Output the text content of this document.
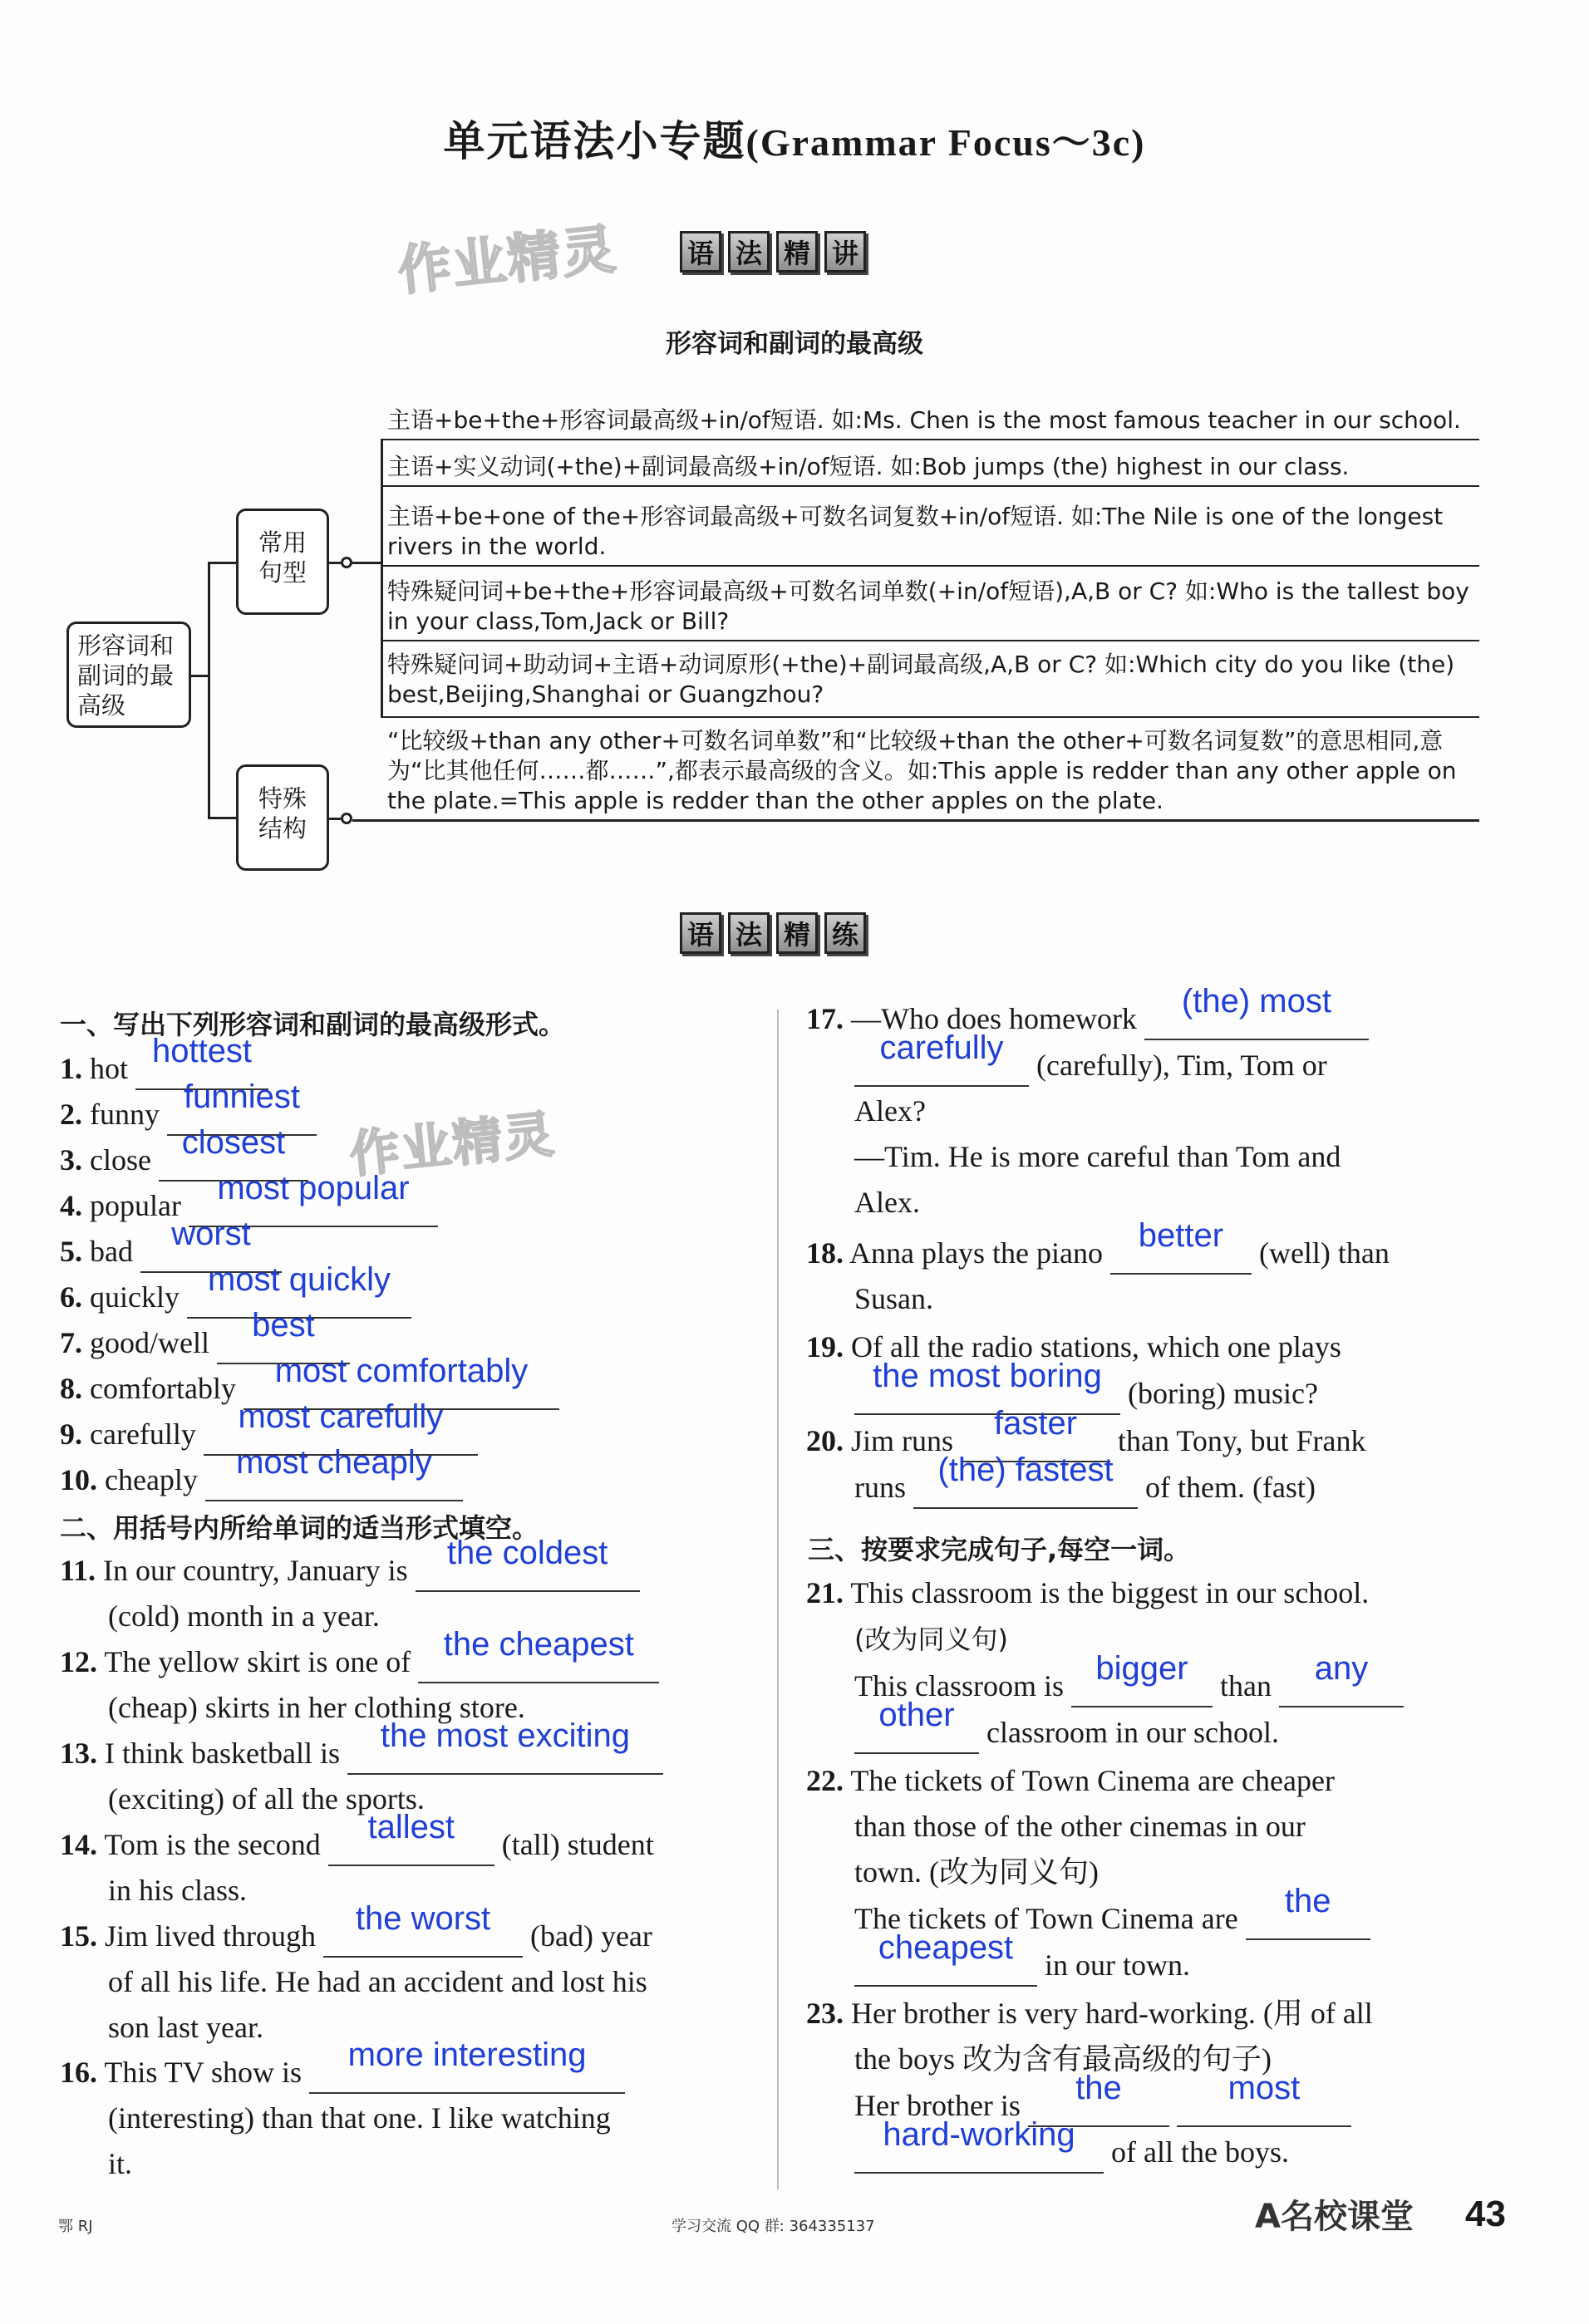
单元语法小专题(Grammar Focus～3c)
作业精灵	语 法 精 讲
形容词和副词的最高级
形容词和副词的最高级
常用句型
特殊结构
主语+be+the+形容词最高级+in/of短语. 如:Ms. Chen is the most famous teacher in our school.
主语+实义动词(+the)+副词最高级+in/of短语. 如:Bob jumps (the) highest in our class.
主语+be+one of the+形容词最高级+可数名词复数+in/of短语. 如:The Nile is one of the longest rivers in the world.
特殊疑问词+be+the+形容词最高级+可数名词单数(+in/of短语),A,B or C? 如:Who is the tallest boy in your class,Tom,Jack or Bill?
特殊疑问词+助动词+主语+动词原形(+the)+副词最高级,A,B or C? 如:Which city do you like (the) best,Beijing,Shanghai or Guangzhou?
“比较级+than any other+可数名词单数”和“比较级+than the other+可数名词复数”的意思相同,意为“比其他任何……都……”,都表示最高级的含义。如:This apple is redder than any other apple on the plate.=This apple is redder than the other apples on the plate.
语 法 精 练
一、写出下列形容词和副词的最高级形式。
1. hot hottest
2. funny funniest
3. close closest
4. popular most popular
5. bad worst
6. quickly most quickly
7. good/well best
8. comfortably most comfortably
9. carefully most carefully
10. cheaply most cheaply
二、用括号内所给单词的适当形式填空。
11. In our country, January is the coldest
(cold) month in a year.
12. The yellow skirt is one of the cheapest
(cheap) skirts in her clothing store.
13. I think basketball is the most exciting
(exciting) of all the sports.
14. Tom is the second tallest (tall) student
in his class.
15. Jim lived through the worst (bad) year
of all his life. He had an accident and lost his
son last year.
16. This TV show is more interesting
(interesting) than that one. I like watching
it.
17. —Who does homework (the) most
carefully (carefully), Tim, Tom or
Alex?
—Tim. He is more careful than Tom and
Alex.
18. Anna plays the piano better (well) than
Susan.
19. Of all the radio stations, which one plays
the most boring (boring) music?
20. Jim runs faster than Tony, but Frank
runs (the) fastest of them. (fast)
三、按要求完成句子,每空一词。
21. This classroom is the biggest in our school.
(改为同义句)
This classroom is bigger than any
other classroom in our school.
22. The tickets of Town Cinema are cheaper
than those of the other cinemas in our
town. (改为同义句)
The tickets of Town Cinema are the
cheapest in our town.
23. Her brother is very hard-working. (用 of all
the boys 改为含有最高级的句子)
Her brother is the	most
hard-working of all the boys.
作业精灵
鄂 RJ	学习交流 QQ 群: 364335137	A名校课堂 43
